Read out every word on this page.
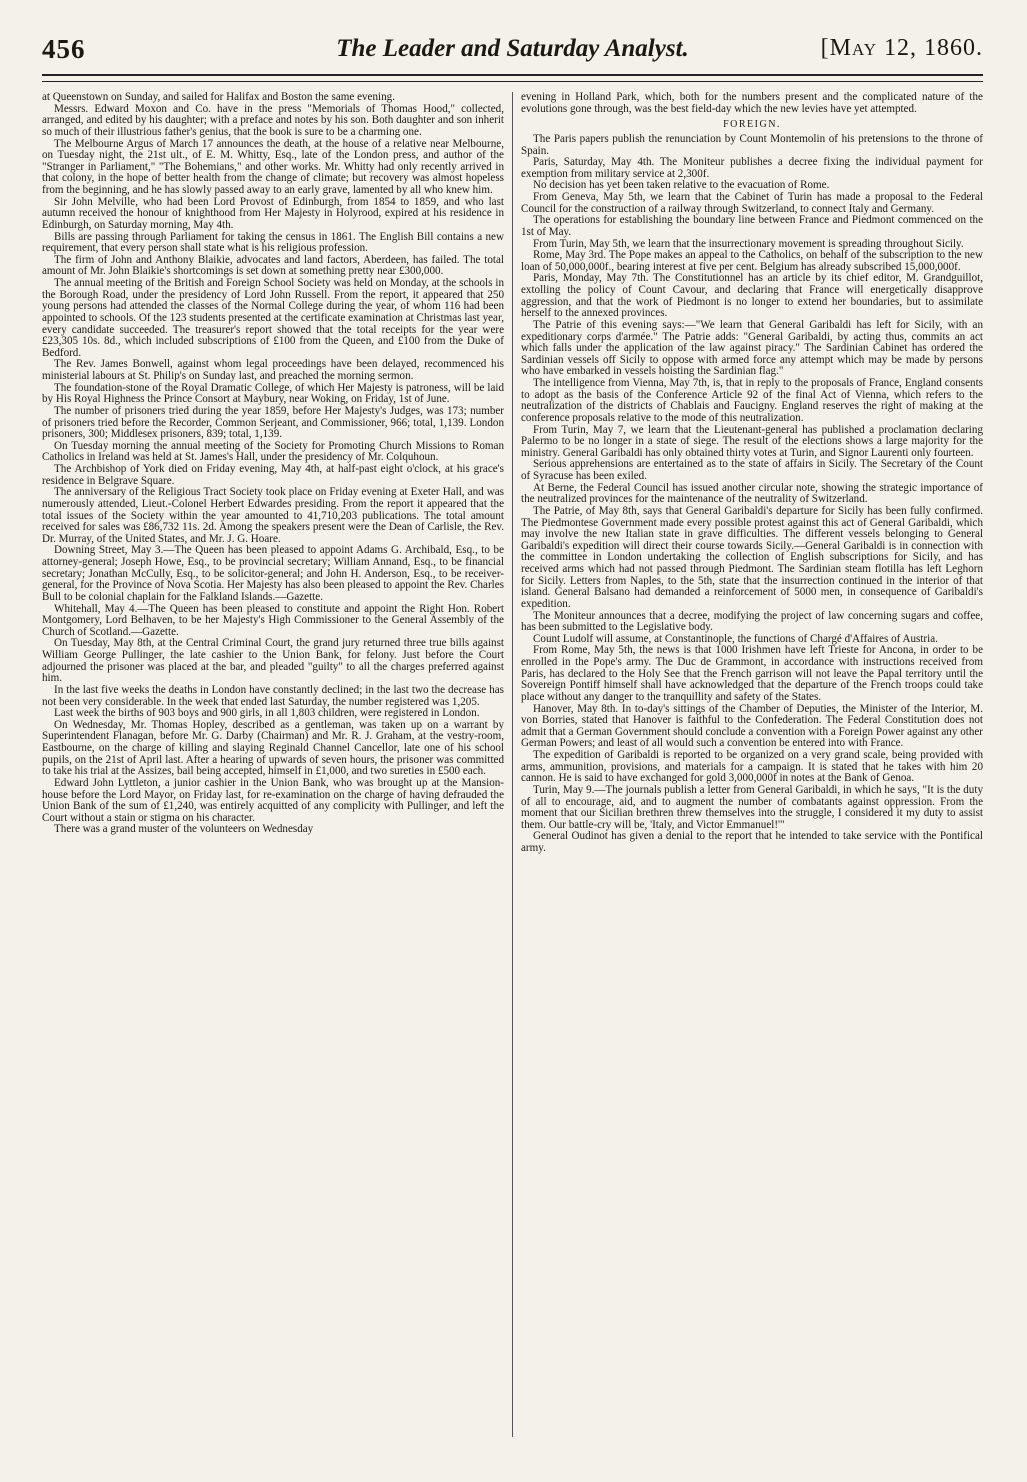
456	The Leader and Saturday Analyst.	[May 12, 1860.

at Queenstown on Sunday, and sailed for Halifax and Boston the same evening.

Messrs. Edward Moxon and Co. have in the press "Memorials of Thomas Hood," collected, arranged, and edited by his daughter; with a preface and notes by his son. Both daughter and son inherit so much of their illustrious father's genius, that the book is sure to be a charming one.

The Melbourne Argus of March 17 announces the death, at the house of a relative near Melbourne, on Tuesday night, the 21st ult., of E. M. Whitty, Esq., late of the London press, and author of the "Stranger in Parliament," "The Bohemians," and other works. Mr. Whitty had only recently arrived in that colony, in the hope of better health from the change of climate; but recovery was almost hopeless from the beginning, and he has slowly passed away to an early grave, lamented by all who knew him.

Sir John Melville, who had been Lord Provost of Edinburgh, from 1854 to 1859, and who last autumn received the honour of knighthood from Her Majesty in Holyrood, expired at his residence in Edinburgh, on Saturday morning, May 4th.

Bills are passing through Parliament for taking the census in 1861. The English Bill contains a new requirement, that every person shall state what is his religious profession.

The firm of John and Anthony Blaikie, advocates and land factors, Aberdeen, has failed. The total amount of Mr. John Blaikie's shortcomings is set down at something pretty near £300,000.

The annual meeting of the British and Foreign School Society was held on Monday, at the schools in the Borough Road, under the presidency of Lord John Russell. From the report, it appeared that 250 young persons had attended the classes of the Normal College during the year, of whom 116 had been appointed to schools. Of the 123 students presented at the certificate examination at Christmas last year, every candidate succeeded. The treasurer's report showed that the total receipts for the year were £23,305 10s. 8d., which included subscriptions of £100 from the Queen, and £100 from the Duke of Bedford.

The Rev. James Bonwell, against whom legal proceedings have been delayed, recommenced his ministerial labours at St. Philip's on Sunday last, and preached the morning sermon.

The foundation-stone of the Royal Dramatic College, of which Her Majesty is patroness, will be laid by His Royal Highness the Prince Consort at Maybury, near Woking, on Friday, 1st of June.

The number of prisoners tried during the year 1859, before Her Majesty's Judges, was 173; number of prisoners tried before the Recorder, Common Serjeant, and Commissioner, 966; total, 1,139. London prisoners, 300; Middlesex prisoners, 839; total, 1,139.

On Tuesday morning the annual meeting of the Society for Promoting Church Missions to Roman Catholics in Ireland was held at St. James's Hall, under the presidency of Mr. Colquhoun.

The Archbishop of York died on Friday evening, May 4th, at half-past eight o'clock, at his grace's residence in Belgrave Square.

The anniversary of the Religious Tract Society took place on Friday evening at Exeter Hall, and was numerously attended, Lieut.-Colonel Herbert Edwardes presiding. From the report it appeared that the total issues of the Society within the year amounted to 41,710,203 publications. The total amount received for sales was £86,732 11s. 2d. Among the speakers present were the Dean of Carlisle, the Rev. Dr. Murray, of the United States, and Mr. J. G. Hoare.

Downing Street, May 3.—The Queen has been pleased to appoint Adams G. Archibald, Esq., to be attorney-general; Joseph Howe, Esq., to be provincial secretary; William Annand, Esq., to be financial secretary; Jonathan McCully, Esq., to be solicitor-general; and John H. Anderson, Esq., to be receiver-general, for the Province of Nova Scotia. Her Majesty has also been pleased to appoint the Rev. Charles Bull to be colonial chaplain for the Falkland Islands.—Gazette.

Whitehall, May 4.—The Queen has been pleased to constitute and appoint the Right Hon. Robert Montgomery, Lord Belhaven, to be her Majesty's High Commissioner to the General Assembly of the Church of Scotland.—Gazette.

On Tuesday, May 8th, at the Central Criminal Court, the grand jury returned three true bills against William George Pullinger, the late cashier to the Union Bank, for felony. Just before the Court adjourned the prisoner was placed at the bar, and pleaded "guilty" to all the charges preferred against him.

In the last five weeks the deaths in London have constantly declined; in the last two the decrease has not been very considerable. In the week that ended last Saturday, the number registered was 1,205.

Last week the births of 903 boys and 900 girls, in all 1,803 children, were registered in London.

On Wednesday, Mr. Thomas Hopley, described as a gentleman, was taken up on a warrant by Superintendent Flanagan, before Mr. G. Darby (Chairman) and Mr. R. J. Graham, at the vestry-room, Eastbourne, on the charge of killing and slaying Reginald Channel Cancellor, late one of his school pupils, on the 21st of April last. After a hearing of upwards of seven hours, the prisoner was committed to take his trial at the Assizes, bail being accepted, himself in £1,000, and two sureties in £500 each.

Edward John Lyttleton, a junior cashier in the Union Bank, who was brought up at the Mansion-house before the Lord Mayor, on Friday last, for re-examination on the charge of having defrauded the Union Bank of the sum of £1,240, was entirely acquitted of any complicity with Pullinger, and left the Court without a stain or stigma on his character.

There was a grand muster of the volunteers on Wednesday

evening in Holland Park, which, both for the numbers present and the complicated nature of the evolutions gone through, was the best field-day which the new levies have yet attempted.

FOREIGN.

The Paris papers publish the renunciation by Count Montemolin of his pretensions to the throne of Spain.

Paris, Saturday, May 4th. The Moniteur publishes a decree fixing the individual payment for exemption from military service at 2,300f.

No decision has yet been taken relative to the evacuation of Rome.

From Geneva, May 5th, we learn that the Cabinet of Turin has made a proposal to the Federal Council for the construction of a railway through Switzerland, to connect Italy and Germany.

The operations for establishing the boundary line between France and Piedmont commenced on the 1st of May.

From Turin, May 5th, we learn that the insurrectionary movement is spreading throughout Sicily.

Rome, May 3rd. The Pope makes an appeal to the Catholics, on behalf of the subscription to the new loan of 50,000,000f., bearing interest at five per cent. Belgium has already subscribed 15,000,000f.

Paris, Monday, May 7th. The Constitutionnel has an article by its chief editor, M. Grandguillot, extolling the policy of Count Cavour, and declaring that France will energetically disapprove aggression, and that the work of Piedmont is no longer to extend her boundaries, but to assimilate herself to the annexed provinces.

The Patrie of this evening says:—"We learn that General Garibaldi has left for Sicily, with an expeditionary corps d'armée." The Patrie adds: "General Garibaldi, by acting thus, commits an act which falls under the application of the law against piracy." The Sardinian Cabinet has ordered the Sardinian vessels off Sicily to oppose with armed force any attempt which may be made by persons who have embarked in vessels hoisting the Sardinian flag."

The intelligence from Vienna, May 7th, is, that in reply to the proposals of France, England consents to adopt as the basis of the Conference Article 92 of the final Act of Vienna, which refers to the neutralization of the districts of Chablais and Faucigny. England reserves the right of making at the conference proposals relative to the mode of this neutralization.

From Turin, May 7, we learn that the Lieutenant-general has published a proclamation declaring Palermo to be no longer in a state of siege. The result of the elections shows a large majority for the ministry. General Garibaldi has only obtained thirty votes at Turin, and Signor Laurenti only fourteen.

Serious apprehensions are entertained as to the state of affairs in Sicily. The Secretary of the Count of Syracuse has been exiled.

At Berne, the Federal Council has issued another circular note, showing the strategic importance of the neutralized provinces for the maintenance of the neutrality of Switzerland.

The Patrie, of May 8th, says that General Garibaldi's departure for Sicily has been fully confirmed. The Piedmontese Government made every possible protest against this act of General Garibaldi, which may involve the new Italian state in grave difficulties. The different vessels belonging to General Garibaldi's expedition will direct their course towards Sicily.—General Garibaldi is in connection with the committee in London undertaking the collection of English subscriptions for Sicily, and has received arms which had not passed through Piedmont. The Sardinian steam flotilla has left Leghorn for Sicily. Letters from Naples, to the 5th, state that the insurrection continued in the interior of that island. General Balsano had demanded a reinforcement of 5000 men, in consequence of Garibaldi's expedition.

The Moniteur announces that a decree, modifying the project of law concerning sugars and coffee, has been submitted to the Legislative body.

Count Ludolf will assume, at Constantinople, the functions of Chargé d'Affaires of Austria.

From Rome, May 5th, the news is that 1000 Irishmen have left Trieste for Ancona, in order to be enrolled in the Pope's army. The Duc de Grammont, in accordance with instructions received from Paris, has declared to the Holy See that the French garrison will not leave the Papal territory until the Sovereign Pontiff himself shall have acknowledged that the departure of the French troops could take place without any danger to the tranquillity and safety of the States.

Hanover, May 8th. In to-day's sittings of the Chamber of Deputies, the Minister of the Interior, M. von Borries, stated that Hanover is faithful to the Confederation. The Federal Constitution does not admit that a German Government should conclude a convention with a Foreign Power against any other German Powers; and least of all would such a convention be entered into with France.

The expedition of Garibaldi is reported to be organized on a very grand scale, being provided with arms, ammunition, provisions, and materials for a campaign. It is stated that he takes with him 20 cannon. He is said to have exchanged for gold 3,000,000f in notes at the Bank of Genoa.

Turin, May 9.—The journals publish a letter from General Garibaldi, in which he says, "It is the duty of all to encourage, aid, and to augment the number of combatants against oppression. From the moment that our Sicilian brethren threw themselves into the struggle, I considered it my duty to assist them. Our battle-cry will be, 'Italy, and Victor Emmanuel!'"

General Oudinot has given a denial to the report that he intended to take service with the Pontifical army.
